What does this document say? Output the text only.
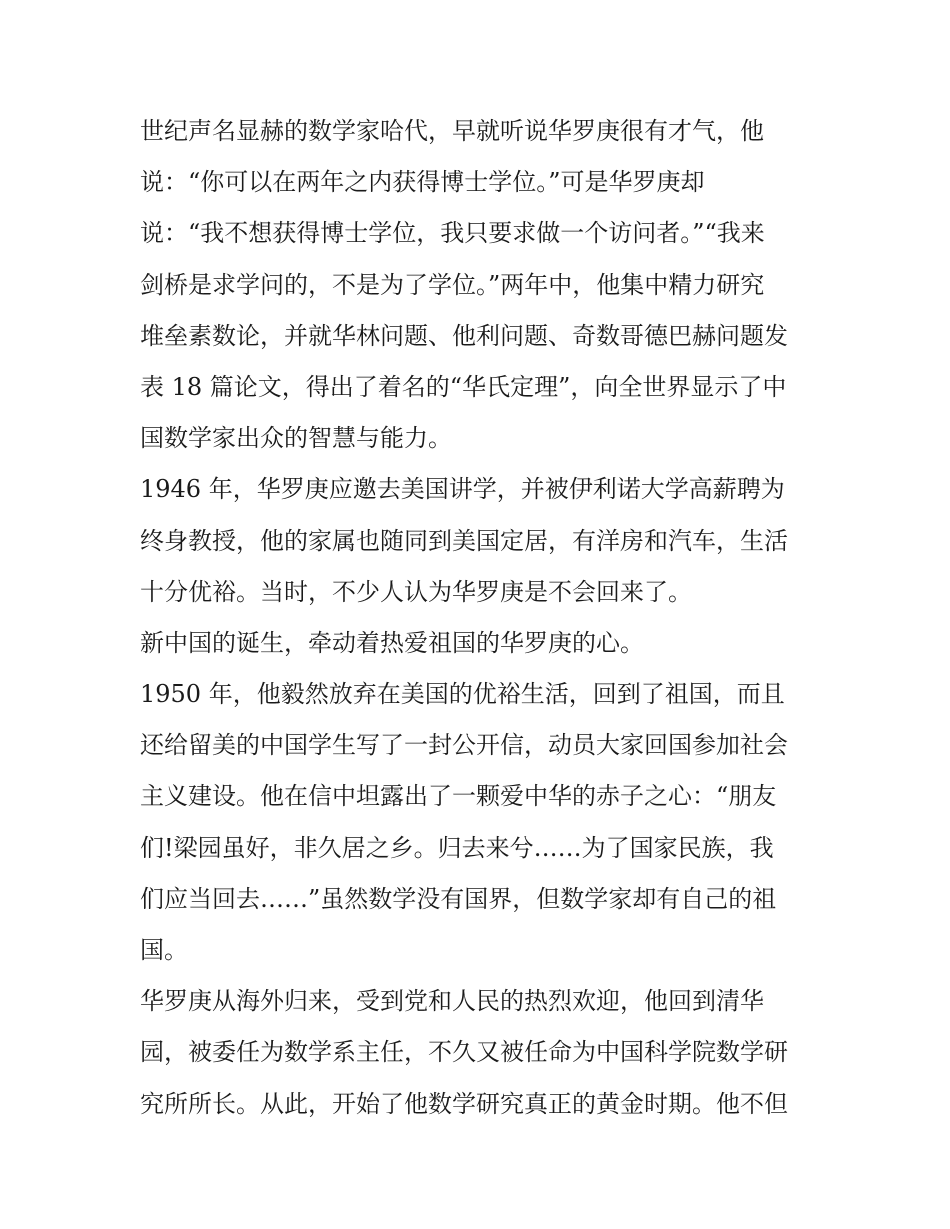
世纪声名显赫的数学家哈代，早就听说华罗庚很有才气，他
说：“你可以在两年之内获得博士学位。”可是华罗庚却
说：“我不想获得博士学位，我只要求做一个访问者。”“我来
剑桥是求学问的，不是为了学位。”两年中，他集中精力研究
堆垒素数论，并就华林问题、他利问题、奇数哥德巴赫问题发
表 18 篇论文，得出了着名的“华氏定理”，向全世界显示了中
国数学家出众的智慧与能力。
1946 年，华罗庚应邀去美国讲学，并被伊利诺大学高薪聘为
终身教授，他的家属也随同到美国定居，有洋房和汽车，生活
十分优裕。当时，不少人认为华罗庚是不会回来了。
新中国的诞生，牵动着热爱祖国的华罗庚的心。
1950 年，他毅然放弃在美国的优裕生活，回到了祖国，而且
还给留美的中国学生写了一封公开信，动员大家回国参加社会
主义建设。他在信中坦露出了一颗爱中华的赤子之心：“朋友
们!梁园虽好，非久居之乡。归去来兮……为了国家民族，我
们应当回去……”虽然数学没有国界，但数学家却有自己的祖
国。
华罗庚从海外归来，受到党和人民的热烈欢迎，他回到清华
园，被委任为数学系主任，不久又被任命为中国科学院数学研
究所所长。从此，开始了他数学研究真正的黄金时期。他不但
